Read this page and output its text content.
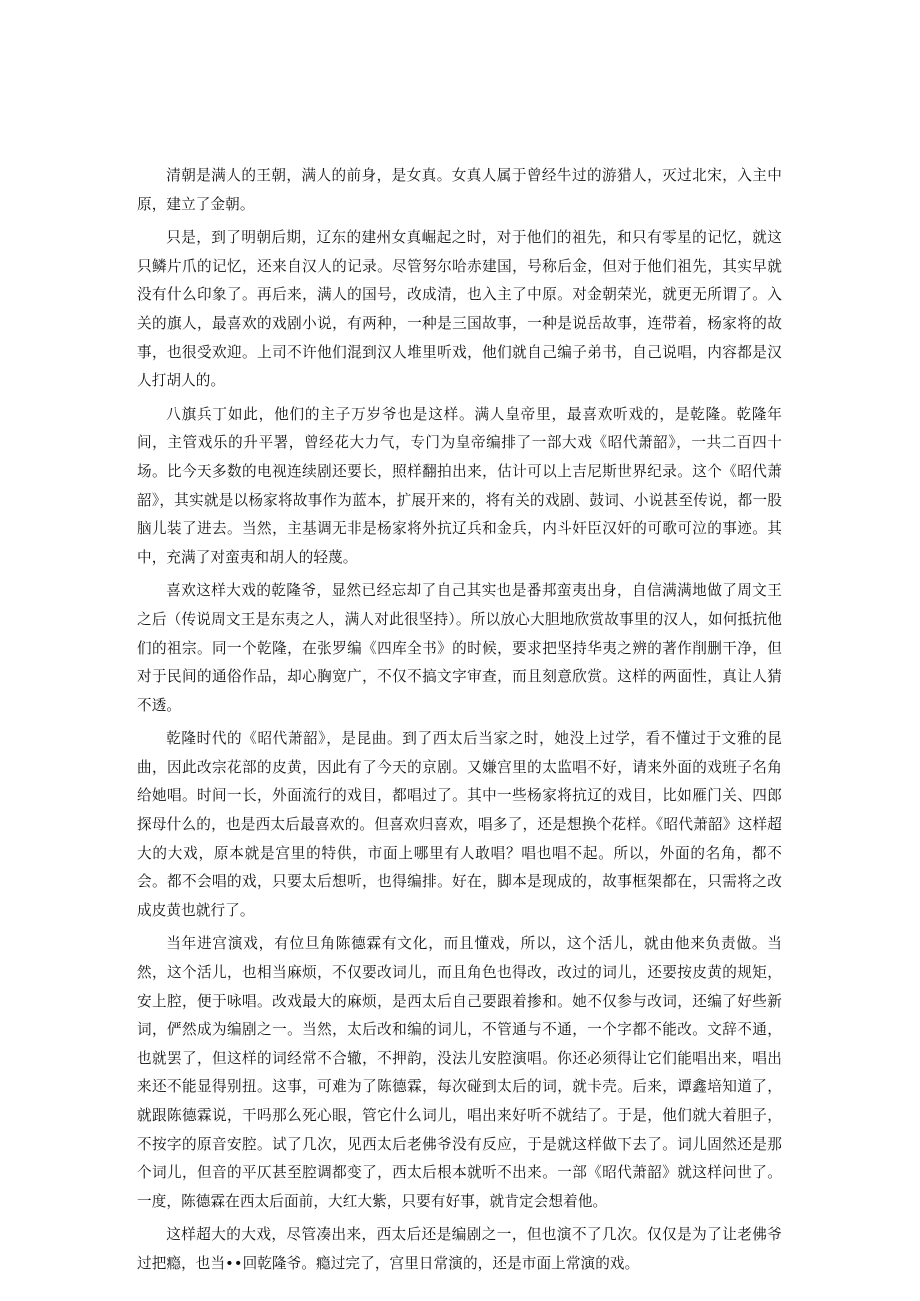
清朝是满人的王朝，满人的前身，是女真。女真人属于曾经牛过的游猎人，灭过北宋，入主中原，建立了金朝。

只是，到了明朝后期，辽东的建州女真崛起之时，对于他们的祖先，和只有零星的记忆，就这只鳞片爪的记忆，还来自汉人的记录。尽管努尔哈赤建国，号称后金，但对于他们祖先，其实早就没有什么印象了。再后来，满人的国号，改成清，也入主了中原。对金朝荣光，就更无所谓了。入关的旗人，最喜欢的戏剧小说，有两种，一种是三国故事，一种是说岳故事，连带着，杨家将的故事，也很受欢迎。上司不许他们混到汉人堆里听戏，他们就自己编子弟书，自己说唱，内容都是汉人打胡人的。

八旗兵丁如此，他们的主子万岁爷也是这样。满人皇帝里，最喜欢听戏的，是乾隆。乾隆年间，主管戏乐的升平署，曾经花大力气，专门为皇帝编排了一部大戏《昭代萧韶》，一共二百四十场。比今天多数的电视连续剧还要长，照样翻拍出来，估计可以上吉尼斯世界纪录。这个《昭代萧韶》，其实就是以杨家将故事作为蓝本，扩展开来的，将有关的戏剧、鼓词、小说甚至传说，都一股脑儿装了进去。当然，主基调无非是杨家将外抗辽兵和金兵，内斗奸臣汉奸的可歌可泣的事迹。其中，充满了对蛮夷和胡人的轻蔑。

喜欢这样大戏的乾隆爷，显然已经忘却了自己其实也是番邦蛮夷出身，自信满满地做了周文王之后（传说周文王是东夷之人，满人对此很坚持）。所以放心大胆地欣赏故事里的汉人，如何抵抗他们的祖宗。同一个乾隆，在张罗编《四库全书》的时候，要求把坚持华夷之辨的著作削删干净，但对于民间的通俗作品，却心胸宽广，不仅不搞文字审查，而且刻意欣赏。这样的两面性，真让人猜不透。

乾隆时代的《昭代萧韶》，是昆曲。到了西太后当家之时，她没上过学，看不懂过于文雅的昆曲，因此改宗花部的皮黄，因此有了今天的京剧。又嫌宫里的太监唱不好，请来外面的戏班子名角给她唱。时间一长，外面流行的戏目，都唱过了。其中一些杨家将抗辽的戏目，比如雁门关、四郎探母什么的，也是西太后最喜欢的。但喜欢归喜欢，唱多了，还是想换个花样。《昭代萧韶》这样超大的大戏，原本就是宫里的特供，市面上哪里有人敢唱？唱也唱不起。所以，外面的名角，都不会。都不会唱的戏，只要太后想听，也得编排。好在，脚本是现成的，故事框架都在，只需将之改成皮黄也就行了。

当年进宫演戏，有位旦角陈德霖有文化，而且懂戏，所以，这个活儿，就由他来负责做。当然，这个活儿，也相当麻烦，不仅要改词儿，而且角色也得改，改过的词儿，还要按皮黄的规矩，安上腔，便于咏唱。改戏最大的麻烦，是西太后自己要跟着掺和。她不仅参与改词，还编了好些新词，俨然成为编剧之一。当然，太后改和编的词儿，不管通与不通，一个字都不能改。文辞不通，也就罢了，但这样的词经常不合辙，不押韵，没法儿安腔演唱。你还必须得让它们能唱出来，唱出来还不能显得别扭。这事，可难为了陈德霖，每次碰到太后的词，就卡壳。后来，谭鑫培知道了，就跟陈德霖说，干吗那么死心眼，管它什么词儿，唱出来好听不就结了。于是，他们就大着胆子，不按字的原音安腔。试了几次，见西太后老佛爷没有反应，于是就这样做下去了。词儿固然还是那个词儿，但音的平仄甚至腔调都变了，西太后根本就听不出来。一部《昭代萧韶》就这样问世了。一度，陈德霖在西太后面前，大红大紫，只要有好事，就肯定会想着他。

这样超大的大戏，尽管凑出来，西太后还是编剧之一，但也演不了几次。仅仅是为了让老佛爷过把瘾，也当••回乾隆爷。瘾过完了，宫里日常演的，还是市面上常演的戏。
